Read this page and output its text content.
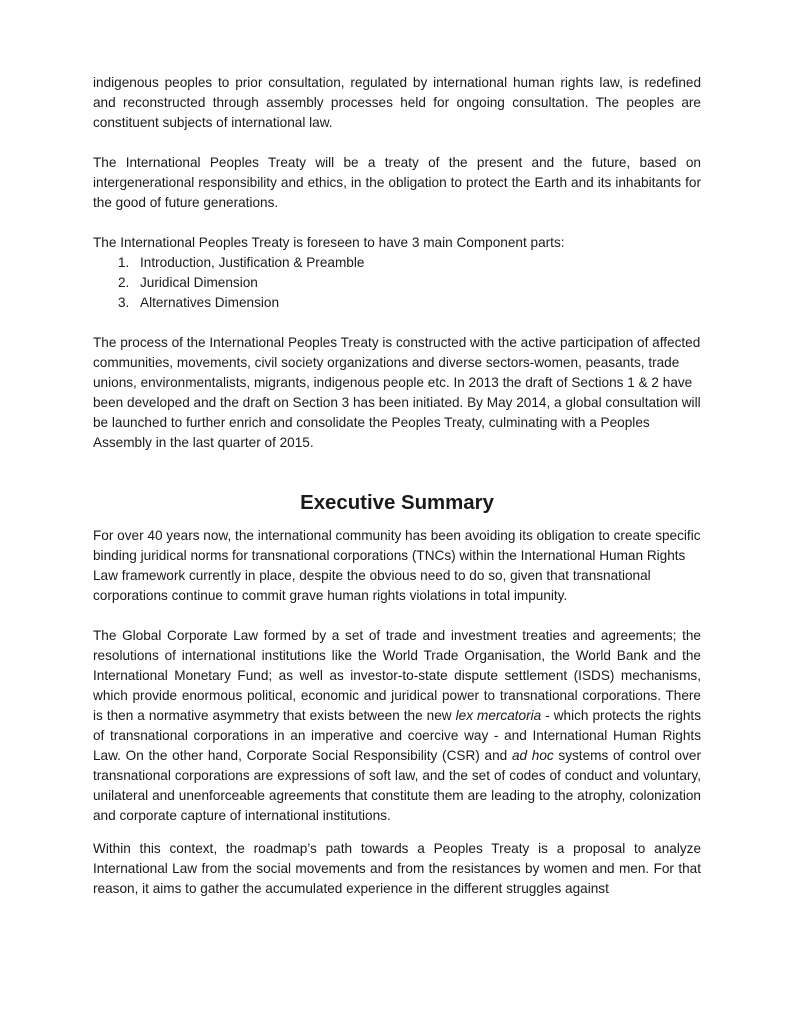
indigenous peoples to prior consultation, regulated by international human rights law, is redefined and reconstructed through assembly processes held for ongoing consultation. The peoples are constituent subjects of international law.

The International Peoples Treaty will be a treaty of the present and the future, based on intergenerational responsibility and ethics, in the obligation to protect the Earth and its inhabitants for the good of future generations.

The International Peoples Treaty is foreseen to have 3 main Component parts:

1. Introduction, Justification & Preamble
2. Juridical Dimension
3. Alternatives Dimension

The process of the International Peoples Treaty is constructed with the active participation of affected communities, movements, civil society organizations and diverse sectors-women, peasants, trade unions, environmentalists, migrants, indigenous people etc. In 2013 the draft of Sections 1 & 2 have been developed and the draft on Section 3 has been initiated. By May 2014, a global consultation will be launched to further enrich and consolidate the Peoples Treaty, culminating with a Peoples Assembly in the last quarter of 2015.

Executive Summary

For over 40 years now, the international community has been avoiding its obligation to create specific binding juridical norms for transnational corporations (TNCs) within the International Human Rights Law framework currently in place, despite the obvious need to do so, given that transnational corporations continue to commit grave human rights violations in total impunity.

The Global Corporate Law formed by a set of trade and investment treaties and agreements; the resolutions of international institutions like the World Trade Organisation, the World Bank and the International Monetary Fund; as well as investor-to-state dispute settlement (ISDS) mechanisms, which provide enormous political, economic and juridical power to transnational corporations. There is then a normative asymmetry that exists between the new lex mercatoria - which protects the rights of transnational corporations in an imperative and coercive way - and International Human Rights Law. On the other hand, Corporate Social Responsibility (CSR) and ad hoc systems of control over transnational corporations are expressions of soft law, and the set of codes of conduct and voluntary, unilateral and unenforceable agreements that constitute them are leading to the atrophy, colonization and corporate capture of international institutions.

Within this context, the roadmap’s path towards a Peoples Treaty is a proposal to analyze International Law from the social movements and from the resistances by women and men. For that reason, it aims to gather the accumulated experience in the different struggles against
